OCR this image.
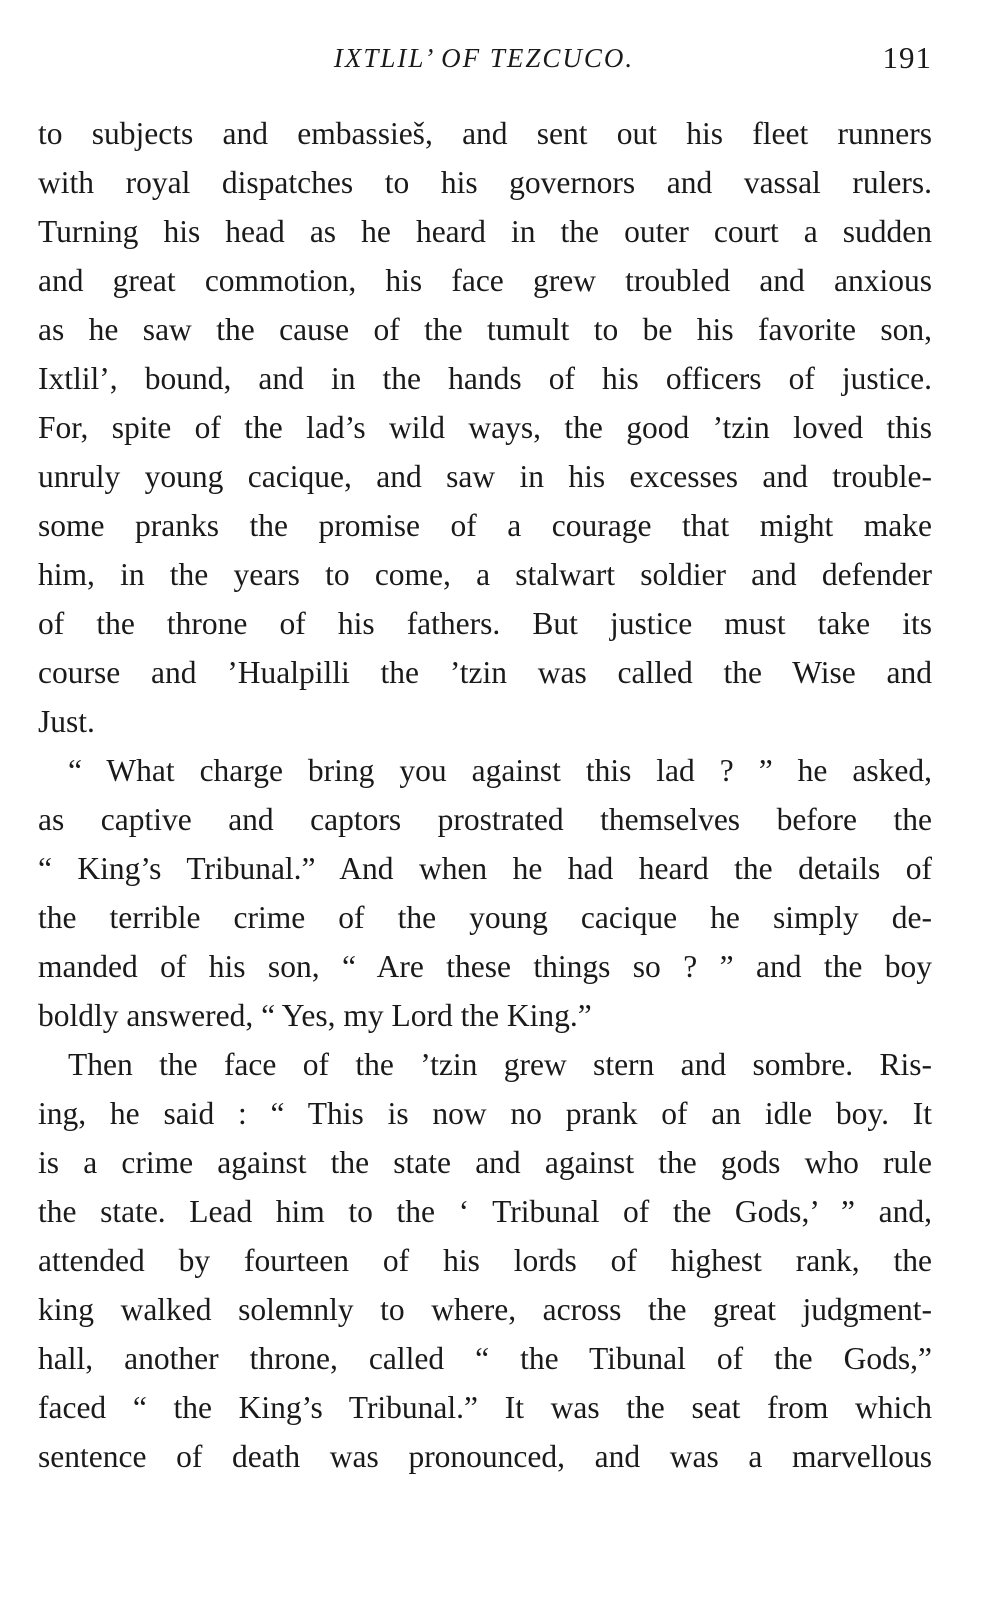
IXTLIL’ OF TEZCUCO.	191
to subjects and embassieš, and sent out his fleet runners
with royal dispatches to his governors and vassal rulers.
Turning his head as he heard in the outer court a sudden
and great commotion, his face grew troubled and anxious
as he saw the cause of the tumult to be his favorite son,
Ixtlil’, bound, and in the hands of his officers of justice.
For, spite of the lad’s wild ways, the good ’tzin loved this
unruly young cacique, and saw in his excesses and trouble-
some pranks the promise of a courage that might make
him, in the years to come, a stalwart soldier and defender
of the throne of his fathers. But justice must take its
course and ’Hualpilli the ’tzin was called the Wise and
Just.
“ What charge bring you against this lad ? ” he asked,
as captive and captors prostrated themselves before the
“ King’s Tribunal.” And when he had heard the details of
the terrible crime of the young cacique he simply de-
manded of his son, “ Are these things so ? ” and the boy
boldly answered, “ Yes, my Lord the King.”
Then the face of the ’tzin grew stern and sombre. Ris-
ing, he said : “ This is now no prank of an idle boy. It
is a crime against the state and against the gods who rule
the state. Lead him to the ‘ Tribunal of the Gods,’ ” and,
attended by fourteen of his lords of highest rank, the
king walked solemnly to where, across the great judgment-
hall, another throne, called “ the Tibunal of the Gods,”
faced “ the King’s Tribunal.” It was the seat from which
sentence of death was pronounced, and was a marvellous
